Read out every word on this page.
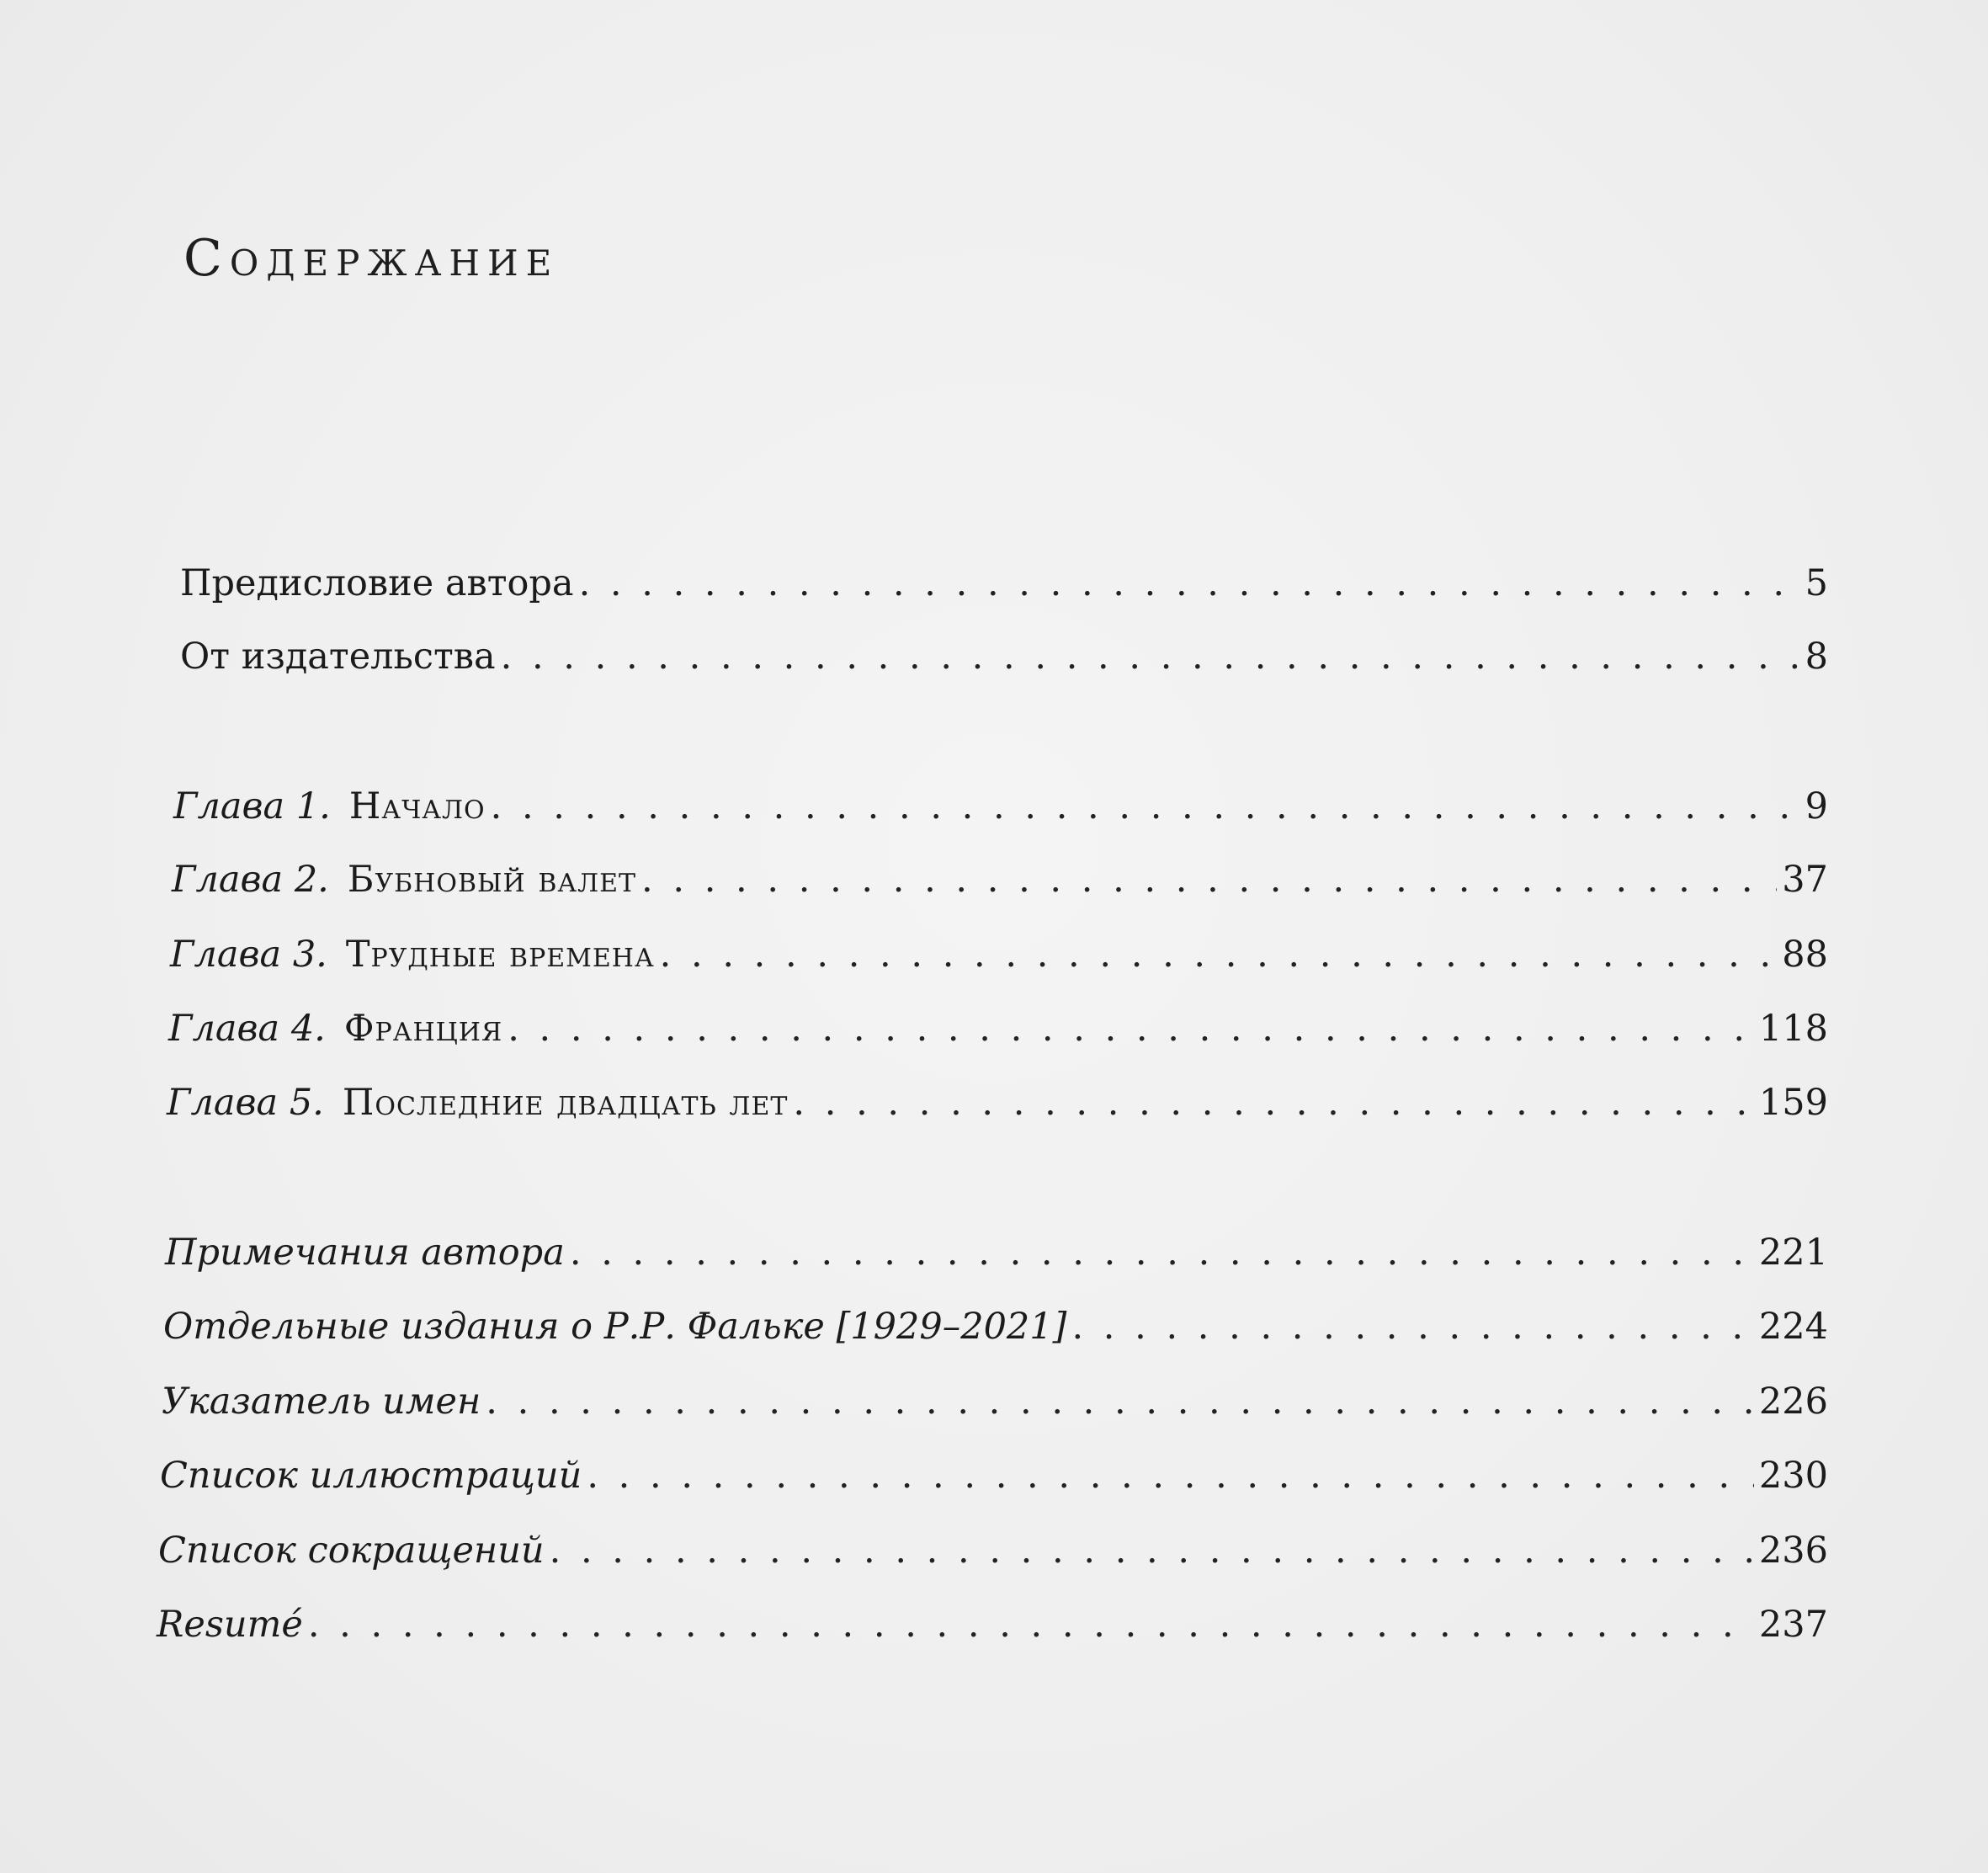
Содержание
Предисловие автора . . .	5
От издательства . . .	8
Глава 1. Начало . . .	9
Глава 2. Бубновый валет . . .	37
Глава 3. Трудные времена . . .	88
Глава 4. Франция . . .	118
Глава 5. Последние двадцать лет . . .	159
Примечания автора . . .	221
Отдельные издания о Р.Р. Фальке [1929–2021] . . .	224
Указатель имен . . .	226
Список иллюстраций . . .	230
Список сокращений . . .	236
Resumé . . .	237
